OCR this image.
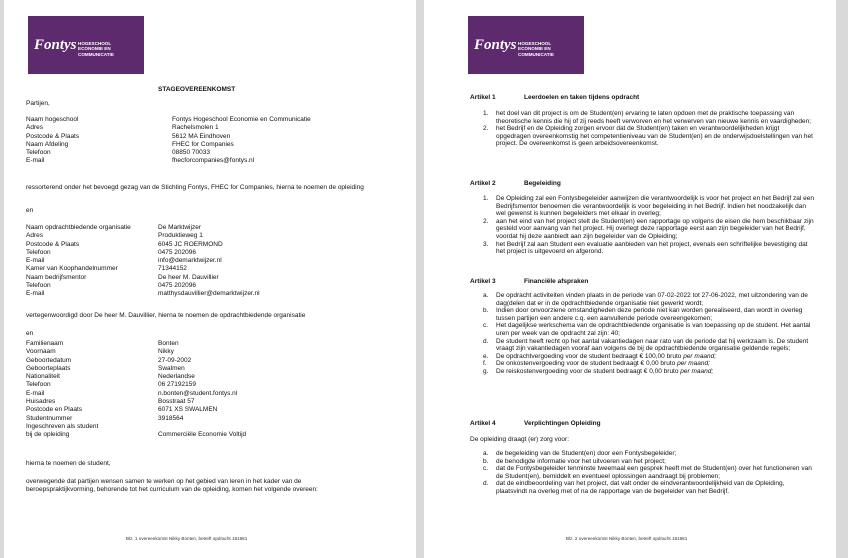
Fontys HOGESCHOOL
ECONOMIE EN
COMMUNICATIE
STAGEOVEREENKOMST
Partijen,
Naam hogeschool	Fontys Hogeschool Economie en Communicatie
Adres	Rachelsmolen 1
Postcode & Plaats	5612 MA Eindhoven
Naam Afdeling	FHEC for Companies
Telefoon	08850 70033
E-mail	fhecforcompanies@fontys.nl
ressorterend onder het bevoegd gezag van de Stichting Fontys, FHEC for Companies, hierna te noemen de opleiding
en
Naam opdrachtbiedende organisatie	De Marktwijzer
Adres	Produktieweg 1
Postcode & Plaats	6045 JC ROERMOND
Telefoon	0475 202096
E-mail	info@demarktwijzer.nl
Kamer van Koophandelnummer	71344152
Naam bedrijfsmentor	De heer M. Dauvillier
Telefoon	0475 202096
E-mail	matthysdauvillier@demarktwijzer.nl
vertegenwoordigd door De heer M. Dauvillier, hierna te noemen de opdrachtbiedende organisatie
en
Familienaam	Bonten
Voornaam	Nikky
Geboortedatum	27-09-2002
Geboorteplaats	Swalmen
Nationaliteit	Nederlandse
Telefoon	06 27192159
E-mail	n.bonten@student.fontys.nl
Huisadres	Bosstraat 57
Postcode en Plaats	6071 XS SWALMEN
Studentnummer	3918564
Ingeschreven als student
bij de opleiding	Commerciële Economie Voltijd
hierna te noemen de student,
overwegende dat partijen wensen samen te werken op het gebied van leren in het kader van de beroepspraktijkvorming, behorende tot het curriculum van de opleiding, komen het volgende overeen:
Blz. 1 overeenkomst Nikky Bonten, betreft opdracht 191681
Fontys HOGESCHOOL
ECONOMIE EN
COMMUNICATIE
Artikel 1	Leerdoelen en taken tijdens opdracht
1. het doel van dit project is om de Student(en) ervaring te laten opdoen met de praktische toepassing van theoretische kennis die hij of zij reeds heeft verworven en het verwerven van nieuwe kennis en vaardigheden;
2. het Bedrijf en de Opleiding zorgen ervoor dat de Student(en) taken en verantwoordelijkheden krijgt opgedragen overeenkomstig het competentieniveau van de Student(en) en de onderwijsdoelstellingen van het project. De overeenkomst is geen arbeidsovereenkomst.
Artikel 2	Begeleiding
1. De Opleiding zal een Fontysbegeleider aanwijzen die verantwoordelijk is voor het project en het Bedrijf zal een Bedrijfsmentor benoemen die verantwoordelijk is voor begeleiding in het Bedrijf. Indien het noodzakelijk dan wel gewenst is kunnen begeleiders met elkaar in overleg;
2. aan het eind van het project stelt de Student(en) een rapportage op volgens de eisen die hem beschikbaar zijn gesteld voor aanvang van het project. Hij overlegt deze rapportage eerst aan zijn begeleider van het Bedrijf, voordat hij deze aanbiedt aan zijn begeleider van de Opleiding;
3. het Bedrijf zal aan Student een evaluatie aanbieden van het project, evenals een schriftelijke bevestiging dat het project is uitgevoerd en afgerond.
Artikel 3	Financiële afspraken
a. De opdracht activiteiten vinden plaats in de periode van 07-02-2022 tot 27-06-2022, met uitzondering van de dag(delen dat er in de opdrachtbiedende organisatie niet gewerkt wordt;
b. Indien door onvoorziene omstandigheden deze periode niet kan worden gerealiseerd, dan wordt in overleg tussen partijen een andere c.q. een aanvullende periode overeengekomen;
c. Het dagelijkse werkschema van de opdrachtbiedende organisatie is van toepassing op de student. Het aantal uren per week van de opdracht zal zijn: 40;
d. De student heeft recht op het aantal vakantiedagen naar rato van de periode dat hij werkzaam is. De student vraagt zijn vakantiedagen vooraf aan volgens de bij de opdrachtbiedende organisatie geldende regels;
e. De opdrachtvergoeding voor de student bedraagt € 100,00 bruto per maand;
f. De onkostenvergoeding voor de student bedraagt € 0,00 bruto per maand;
g. De reiskostenvergoeding voor de student bedraagt € 0,00 bruto per maand;
Artikel 4	Verplichtingen Opleiding
De opleiding draagt (er) zorg voor:
a. de begeleiding van de Student(en) door een Fontysbegeleider;
b. de benodigde informatie voor het uitvoeren van het project;
c. dat de Fontysbegeleider tenminste tweemaal een gesprek heeft met de Student(en) over het functioneren van de Student(en), bemiddelt en eventueel oplossingen aandraagt bij problemen;
d. dat de eindbeoordeling van het project, dat valt onder de eindverantwoordelijkheid van de Opleiding, plaatsvindt na overleg met of na de rapportage van de begeleider van het Bedrijf.
Blz. 2 overeenkomst Nikky Bonten, betreft opdracht 191681
